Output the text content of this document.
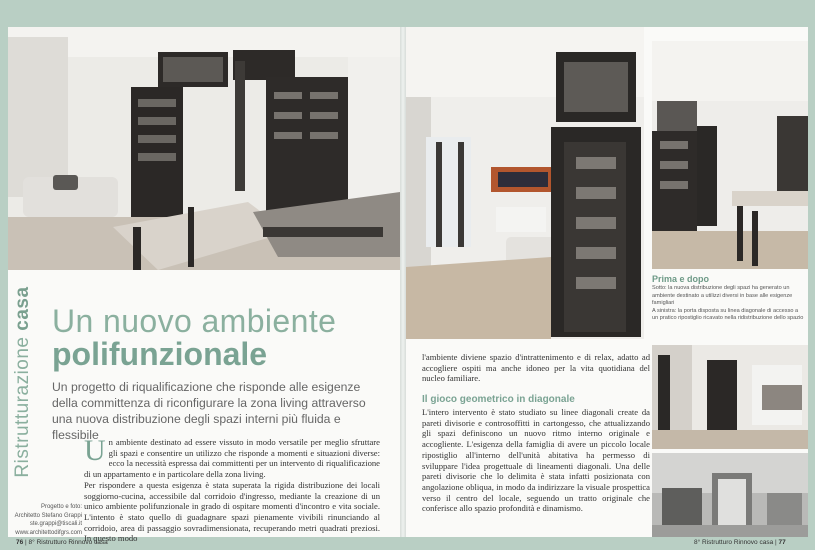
Ristrutturazione casa Un nuovo ambiente
polifunzionale
Un progetto di riqualificazione che risponde alle esigenze della committenza di riconfigurare la zona living attraverso una nuova distribuzione degli spazi interni più fluida e flessibile
Progetto e foto:
Architetto Stefano Grappi
ste.grappi@tiscali.it
www.architettodifgrs.com
U n ambiente destinato ad essere vissuto in modo versatile per meglio sfruttare gli spazi e consentire un utilizzo che risponde a momenti e situazioni diverse: ecco la necessità espressa dai committenti per un intervento di riqualificazione di un appartamento e in particolare della zona living.

Per rispondere a questa esigenza è stata superata la rigida distribuzione dei locali soggiorno-cucina, accessibile dal corridoio d'ingresso, mediante la creazione di un unico ambiente polifunzionale in grado di ospitare momenti d'incontro e vita sociale. L'intento è stato quello di guadagnare spazi pienamente vivibili rinunciando al corridoio, area di passaggio sovradimensionata, recuperando metri quadrati preziosi. In questo modo

Prima e dopo
Sotto: la nuova distribuzione degli spazi ha generato un ambiente destinato a utilizzi diversi in base alle esigenze famigliari
A sinistra: la porta disposta su linea diagonale di accesso a un pratico ripostiglio ricavato nella ridistribuzione dello spazio

l'ambiente diviene spazio d'intrattenimento e di relax, adatto ad accogliere ospiti ma anche idoneo per la vita quotidiana del nucleo familiare.

Il gioco geometrico in diagonale

L'intero intervento è stato studiato su linee diagonali create da pareti divisorie e controsoffitti in cartongesso, che attualizzando gli spazi definiscono un nuovo ritmo interno originale e accogliente. L'esigenza della famiglia di avere un piccolo locale ripostiglio all'interno dell'unità abitativa ha permesso di sviluppare l'idea progettuale di lineamenti diagonali. Una delle pareti divisorie che lo delimita è stata infatti posizionata con angolazione obliqua, in modo da indirizzare la visuale prospettica verso il centro del locale, seguendo un tratto originale che conferisce allo spazio profondità e dinamismo.

76 | 8° Ristrutturo Rinnovo casa	8° Ristrutturo Rinnovo casa | 77
